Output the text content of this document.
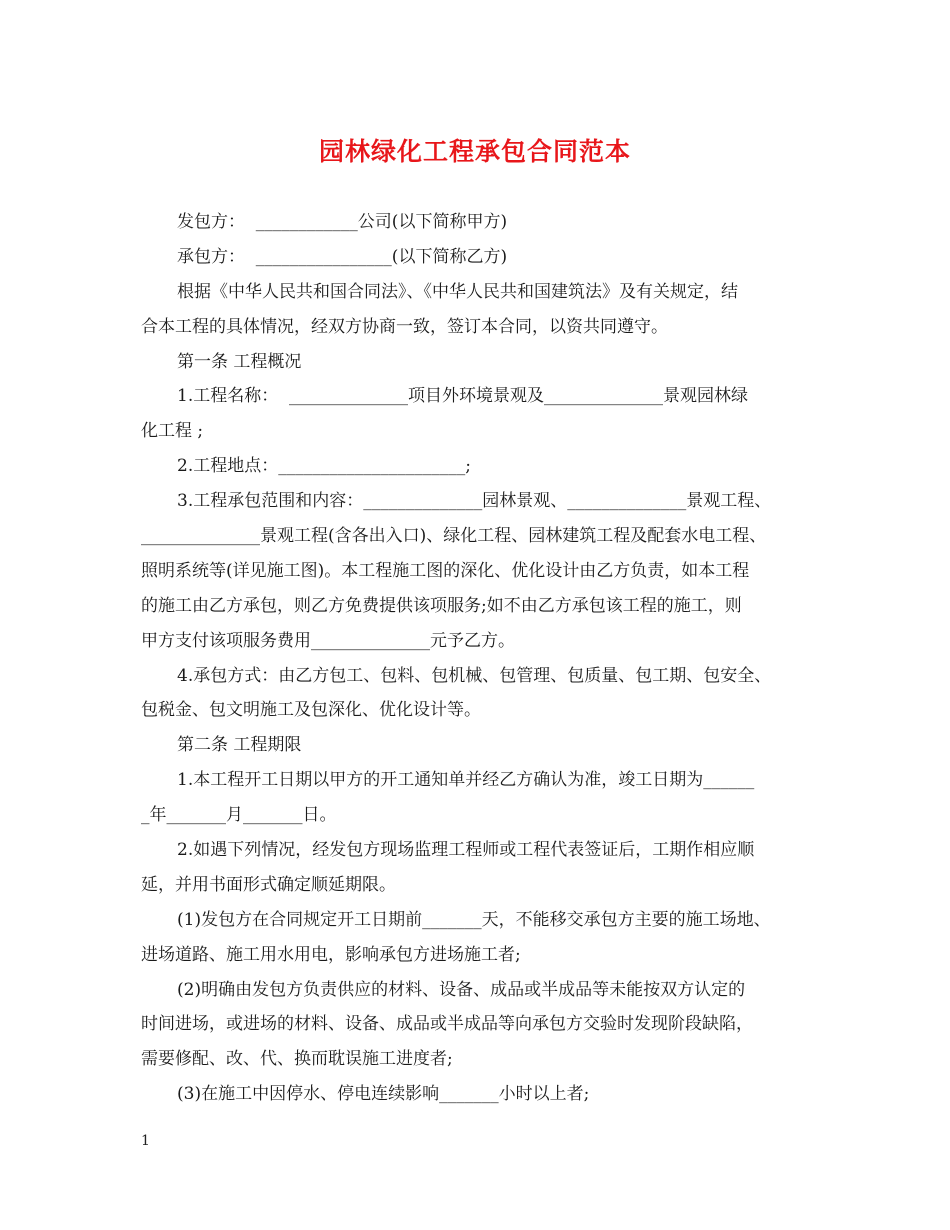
园林绿化工程承包合同范本
发包方：  ____________公司(以下简称甲方)
承包方：  ________________(以下简称乙方)
根据《中华人民共和国合同法》、《中华人民共和国建筑法》及有关规定，结
合本工程的具体情况，经双方协商一致，签订本合同，以资共同遵守。
第一条 工程概况
1.工程名称：  ______________项目外环境景观及______________景观园林绿
化工程 ;
2.工程地点：______________________;
3.工程承包范围和内容：______________园林景观、______________景观工程、
______________景观工程(含各出入口)、绿化工程、园林建筑工程及配套水电工程、
照明系统等(详见施工图)。本工程施工图的深化、优化设计由乙方负责，如本工程
的施工由乙方承包，则乙方免费提供该项服务;如不由乙方承包该工程的施工，则
甲方支付该项服务费用______________元予乙方。
4.承包方式：由乙方包工、包料、包机械、包管理、包质量、包工期、包安全、
包税金、包文明施工及包深化、优化设计等。
第二条 工程期限
1.本工程开工日期以甲方的开工通知单并经乙方确认为准，竣工日期为______
_年_______月_______日。
2.如遇下列情况，经发包方现场监理工程师或工程代表签证后，工期作相应顺
延，并用书面形式确定顺延期限。
(1)发包方在合同规定开工日期前_______天，不能移交承包方主要的施工场地、
进场道路、施工用水用电，影响承包方进场施工者;
(2)明确由发包方负责供应的材料、设备、成品或半成品等未能按双方认定的
时间进场，或进场的材料、设备、成品或半成品等向承包方交验时发现阶段缺陷，
需要修配、改、代、换而耽误施工进度者;
(3)在施工中因停水、停电连续影响_______小时以上者;
1
